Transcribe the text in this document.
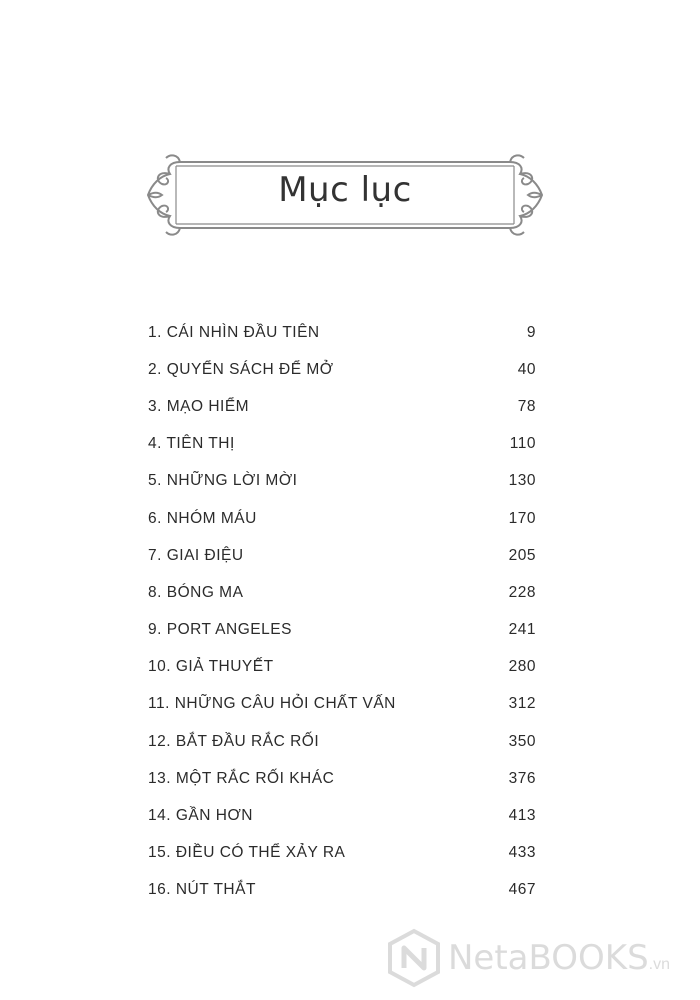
Mục lục
1. CÁI NHÌN ĐẦU TIÊN	9
2. QUYỂN SÁCH ĐỂ MỞ	40
3. MẠO HIỂM	78
4. TIÊN THỊ	110
5. NHỮNG LỜI MỜI	130
6. NHÓM MÁU	170
7. GIAI ĐIỆU	205
8. BÓNG MA	228
9. PORT ANGELES	241
10. GIẢ THUYẾT	280
11. NHỮNG CÂU HỎI CHẤT VẤN	312
12. BẮT ĐẦU RẮC RỐI	350
13. MỘT RẮC RỐI KHÁC	376
14. GẦN HƠN	413
15. ĐIỀU CÓ THỂ XẢY RA	433
16. NÚT THẮT	467
NetaBOOKS .vn
